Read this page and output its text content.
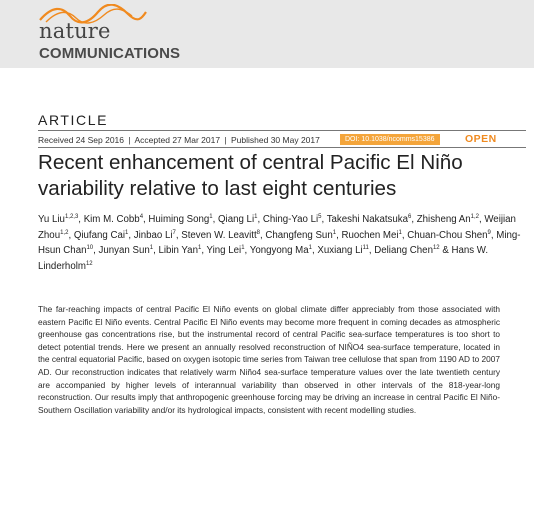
nature
COMMUNICATIONS
ARTICLE
Received 24 Sep 2016 | Accepted 27 Mar 2017 | Published 30 May 2017	DOI: 10.1038/ncomms15386	OPEN
Recent enhancement of central Pacific El Niño variability relative to last eight centuries
Yu Liu$^{1,2,3}$, Kim M. Cobb$^4$, Huiming Song$^1$, Qiang Li$^1$, Ching-Yao Li$^5$, Takeshi Nakatsuka$^6$, Zhisheng An$^{1,2}$, Weijian Zhou$^{1,2}$, Qiufang Cai$^1$, Jinbao Li$^7$, Steven W. Leavitt$^8$, Changfeng Sun$^1$, Ruochen Mei$^1$, Chuan-Chou Shen$^9$, Ming-Hsun Chan$^{10}$, Junyan Sun$^1$, Libin Yan$^1$, Ying Lei$^1$, Yongyong Ma$^1$, Xuxiang Li$^{11}$, Deliang Chen$^{12}$ & Hans W. Linderholm$^{12}$
The far-reaching impacts of central Pacific El Niño events on global climate differ appreciably from those associated with eastern Pacific El Niño events. Central Pacific El Niño events may become more frequent in coming decades as atmospheric greenhouse gas concentrations rise, but the instrumental record of central Pacific sea-surface temperatures is too short to detect potential trends. Here we present an annually resolved reconstruction of NIÑO4 sea-surface temperature, located in the central equatorial Pacific, based on oxygen isotopic time series from Taiwan tree cellulose that span from 1190 AD to 2007 AD. Our reconstruction indicates that relatively warm Niño4 sea-surface temperature values over the late twentieth century are accompanied by higher levels of interannual variability than observed in other intervals of the 818-year-long reconstruction. Our results imply that anthropogenic greenhouse forcing may be driving an increase in central Pacific El Niño-Southern Oscillation variability and/or its hydrological impacts, consistent with recent modelling studies.
